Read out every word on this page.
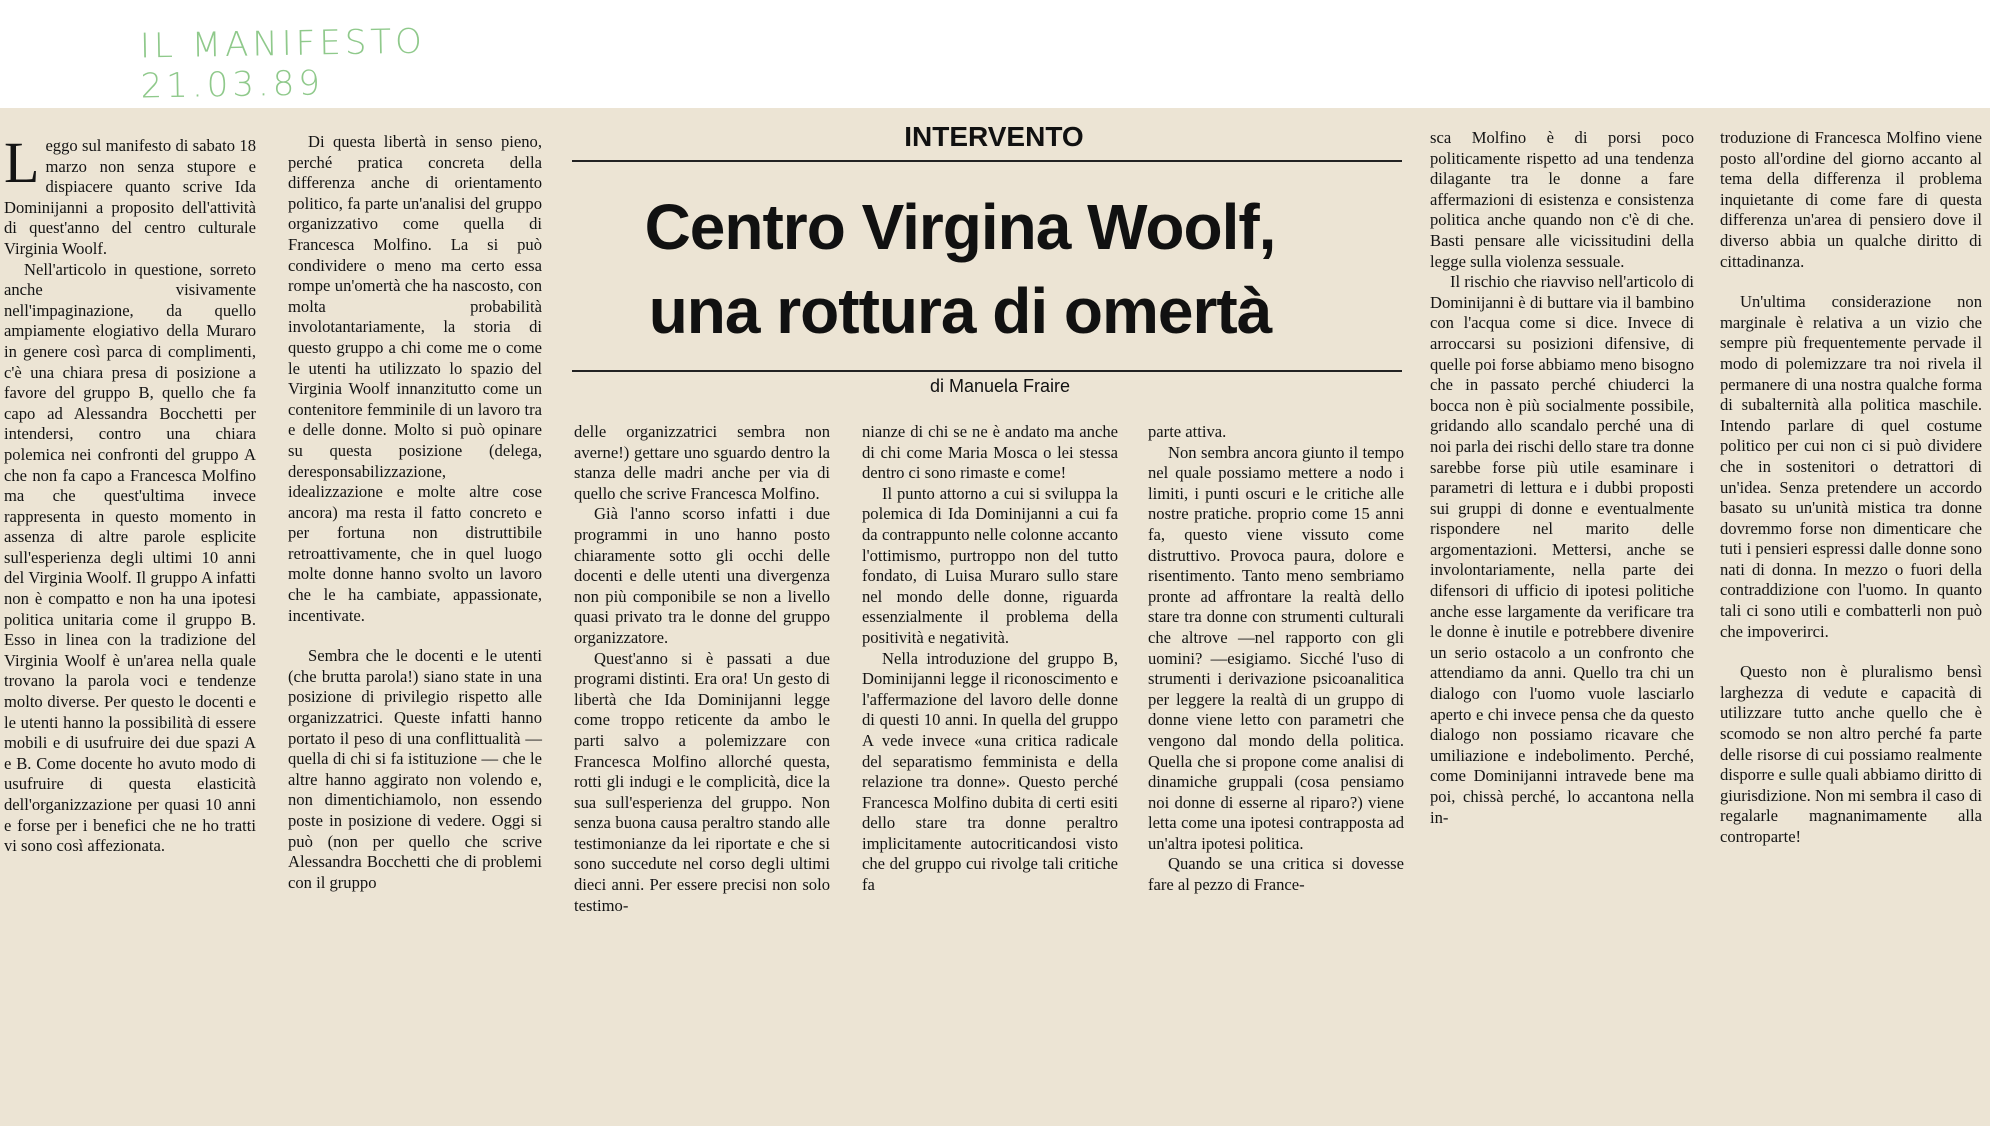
IL MANIFESTO 21.03.89

Leggo sul manifesto di sabato 18 marzo non senza stupore e dispiacere quanto scrive Ida Dominijanni a proposito dell'attività di quest'anno del centro culturale Virginia Woolf.

Nell'articolo in questione, sorreto anche visivamente nell'impaginazione, da quello ampiamente elogiativo della Muraro in genere così parca di complimenti, c'è una chiara presa di posizione a favore del gruppo B, quello che fa capo ad Alessandra Bocchetti per intendersi, contro una chiara polemica nei confronti del gruppo A che non fa capo a Francesca Molfino ma che quest'ultima invece rappresenta in questo momento in assenza di altre parole esplicite sull'esperienza degli ultimi 10 anni del Virginia Woolf. Il gruppo A infatti non è compatto e non ha una ipotesi politica unitaria come il gruppo B. Esso in linea con la tradizione del Virginia Woolf è un'area nella quale trovano la parola voci e tendenze molto diverse. Per questo le docenti e le utenti hanno la possibilità di essere mobili e di usufruire dei due spazi A e B. Come docente ho avuto modo di usufruire di questa elasticità dell'organizzazione per quasi 10 anni e forse per i benefici che ne ho tratti vi sono così affezionata.

Di questa libertà in senso pieno, perché pratica concreta della differenza anche di orientamento politico, fa parte un'analisi del gruppo organizzativo come quella di Francesca Molfino. La si può condividere o meno ma certo essa rompe un'omertà che ha nascosto, con molta probabilità involotantariamente, la storia di questo gruppo a chi come me o come le utenti ha utilizzato lo spazio del Virginia Woolf innanzitutto come un contenitore femminile di un lavoro tra e delle donne. Molto si può opinare su questa posizione (delega, deresponsabilizzazione, idealizzazione e molte altre cose ancora) ma resta il fatto concreto e per fortuna non distruttibile retroattivamente, che in quel luogo molte donne hanno svolto un lavoro che le ha cambiate, appassionate, incentivate.

Sembra che le docenti e le utenti (che brutta parola!) siano state in una posizione di privilegio rispetto alle organizzatrici. Queste infatti hanno portato il peso di una conflittualità — quella di chi si fa istituzione — che le altre hanno aggirato non volendo e, non dimentichiamolo, non essendo poste in posizione di vedere. Oggi si può (non per quello che scrive Alessandra Bocchetti che di problemi con il gruppo

INTERVENTO
Centro Virgina Woolf,
una rottura di omertà
di Manuela Fraire

delle organizzatrici sembra non averne!) gettare uno sguardo dentro la stanza delle madri anche per via di quello che scrive Francesca Molfino.

Già l'anno scorso infatti i due programmi in uno hanno posto chiaramente sotto gli occhi delle docenti e delle utenti una divergenza non più componibile se non a livello quasi privato tra le donne del gruppo organizzatore.

Quest'anno si è passati a due programi distinti. Era ora! Un gesto di libertà che Ida Dominijanni legge come troppo reticente da ambo le parti salvo a polemizzare con Francesca Molfino allorché questa, rotti gli indugi e le complicità, dice la sua sull'esperienza del gruppo. Non senza buona causa peraltro stando alle testimonianze da lei riportate e che si sono succedute nel corso degli ultimi dieci anni. Per essere precisi non solo testimo-

nianze di chi se ne è andato ma anche di chi come Maria Mosca o lei stessa dentro ci sono rimaste e come!

Il punto attorno a cui si sviluppa la polemica di Ida Dominijanni a cui fa da contrappunto nelle colonne accanto l'ottimismo, purtroppo non del tutto fondato, di Luisa Muraro sullo stare nel mondo delle donne, riguarda essenzialmente il problema della positività e negatività.

Nella introduzione del gruppo B, Dominijanni legge il riconoscimento e l'affermazione del lavoro delle donne di questi 10 anni. In quella del gruppo A vede invece «una critica radicale del separatismo femminista e della relazione tra donne». Questo perché Francesca Molfino dubita di certi esiti dello stare tra donne peraltro implicitamente autocriticandosi visto che del gruppo cui rivolge tali critiche fa

parte attiva.

Non sembra ancora giunto il tempo nel quale possiamo mettere a nodo i limiti, i punti oscuri e le critiche alle nostre pratiche. proprio come 15 anni fa, questo viene vissuto come distruttivo. Provoca paura, dolore e risentimento. Tanto meno sembriamo pronte ad affrontare la realtà dello stare tra donne con strumenti culturali che altrove —nel rapporto con gli uomini? —esigiamo. Sicché l'uso di strumenti i derivazione psicoanalitica per leggere la realtà di un gruppo di donne viene letto con parametri che vengono dal mondo della politica. Quella che si propone come analisi di dinamiche gruppali (cosa pensiamo noi donne di esserne al riparo?) viene letta come una ipotesi contrapposta ad un'altra ipotesi politica.

Quando se una critica si dovesse fare al pezzo di France-

sca Molfino è di porsi poco politicamente rispetto ad una tendenza dilagante tra le donne a fare affermazioni di esistenza e consistenza politica anche quando non c'è di che. Basti pensare alle vicissitudini della legge sulla violenza sessuale.

Il rischio che riavviso nell'articolo di Dominijanni è di buttare via il bambino con l'acqua come si dice. Invece di arroccarsi su posizioni difensive, di quelle poi forse abbiamo meno bisogno che in passato perché chiuderci la bocca non è più socialmente possibile, gridando allo scandalo perché una di noi parla dei rischi dello stare tra donne sarebbe forse più utile esaminare i parametri di lettura e i dubbi proposti sui gruppi di donne e eventualmente rispondere nel marito delle argomentazioni. Mettersi, anche se involontariamente, nella parte dei difensori di ufficio di ipotesi politiche anche esse largamente da verificare tra le donne è inutile e potrebbere divenire un serio ostacolo a un confronto che attendiamo da anni. Quello tra chi un dialogo con l'uomo vuole lasciarlo aperto e chi invece pensa che da questo dialogo non possiamo ricavare che umiliazione e indebolimento. Perché, come Dominijanni intravede bene ma poi, chissà perché, lo accantona nella in-

troduzione di Francesca Molfino viene posto all'ordine del giorno accanto al tema della differenza il problema inquietante di come fare di questa differenza un'area di pensiero dove il diverso abbia un qualche diritto di cittadinanza.

Un'ultima considerazione non marginale è relativa a un vizio che sempre più frequentemente pervade il modo di polemizzare tra noi rivela il permanere di una nostra qualche forma di subalternità alla politica maschile. Intendo parlare di quel costume politico per cui non ci si può dividere che in sostenitori o detrattori di un'idea. Senza pretendere un accordo basato su un'unità mistica tra donne dovremmo forse non dimenticare che tuti i pensieri espressi dalle donne sono nati di donna. In mezzo o fuori della contraddizione con l'uomo. In quanto tali ci sono utili e combatterli non può che impoverirci.

Questo non è pluralismo bensì larghezza di vedute e capacità di utilizzare tutto anche quello che è scomodo se non altro perché fa parte delle risorse di cui possiamo realmente disporre e sulle quali abbiamo diritto di giurisdizione. Non mi sembra il caso di regalarle magnanimamente alla controparte!
